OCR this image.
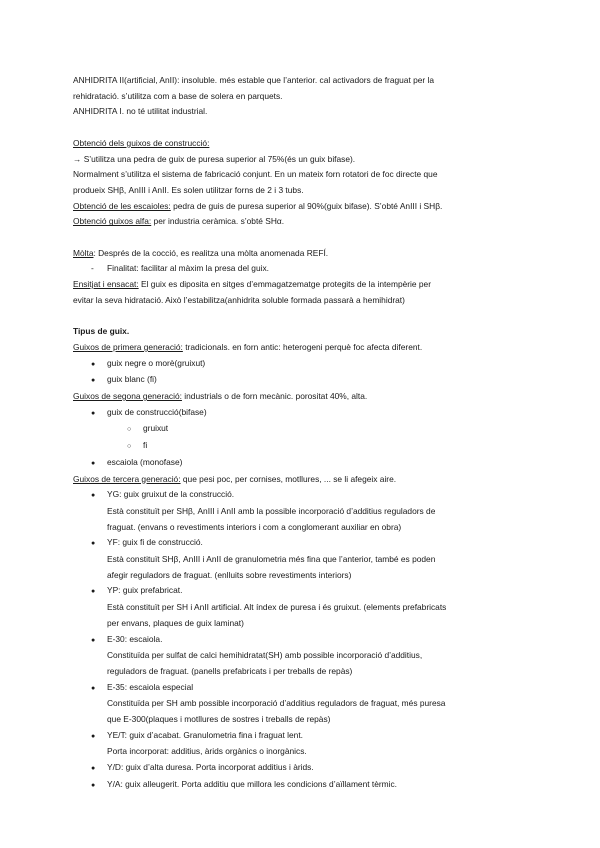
ANHIDRITA II(artificial, AnII): insoluble. més estable que l’anterior. cal activadors de fraguat per la

rehidratació. s’utilitza com a base de solera en parquets.

ANHIDRITA I. no té utilitat industrial.

Obtenció dels guixos de construcció:

→ S’utilitza una pedra de guix de puresa superior al 75%(és un guix bifase).

Normalment s’utilitza el sistema de fabricació conjunt. En un mateix forn rotatori de foc directe que

produeix SHβ, AnIII i AnII. Es solen utilitzar forns de 2 i 3 tubs.

Obtenció de les escaioles: pedra de guis de puresa superior al 90%(guix bifase). S’obté AnIII i SHβ.

Obtenció guixos alfa: per industria ceràmica. s’obté SHα.

Mòlta: Després de la cocció, es realitza una mòlta anomenada REFÍ.

- Finalitat: facilitar al màxim la presa del guix.

Ensitjat i ensacat: El guix es diposita en sitges d’emmagatzematge protegits de la intempèrie per

evitar la seva hidratació. Això l’estabilitza(anhidrita soluble formada passarà a hemihidrat)

Tipus de guix.

Guixos de primera generació: tradicionals. en forn antic: heterogeni perquè foc afecta diferent.

● guix negre o morè(gruixut)

● guix blanc (fi)

Guixos de segona generació: industrials o de forn mecànic. porositat 40%, alta.

● guix de construcció(bifase)

○ gruixut

○ fi

● escaiola (monofase)

Guixos de tercera generació: que pesi poc, per cornises, motllures, ... se li afegeix aire.

● YG: guix gruixut de la construcció.

Està constituït per SHβ, AnIII i AnII amb la possible incorporació d’additius reguladors de

fraguat. (envans o revestiments interiors i com a conglomerant auxiliar en obra)

● YF: guix fi de construcció.

Està constituït SHβ, AnIII i AnII de granulometria més fina que l’anterior, també es poden

afegir reguladors de fraguat. (enlluits sobre revestiments interiors)

● YP: guix prefabricat.

Està constituït per SH i AnII artificial. Alt índex de puresa i és gruixut. (elements prefabricats

per envans, plaques de guix laminat)

● E-30: escaiola.

Constituïda per sulfat de calci hemihidratat(SH) amb possible incorporació d’additius,

reguladors de fraguat. (panells prefabricats i per treballs de repàs)

● E-35: escaiola especial

Constituïda per SH amb possible incorporació d’additius reguladors de fraguat, més puresa

que E-300(plaques i motllures de sostres i treballs de repàs)

● YE/T: guix d’acabat. Granulometria fina i fraguat lent.

Porta incorporat: additius, àrids orgànics o inorgànics.

● Y/D: guix d’alta duresa. Porta incorporat additius i àrids.

● Y/A: guix alleugerit. Porta additiu que millora les condicions d’aïllament tèrmic.
